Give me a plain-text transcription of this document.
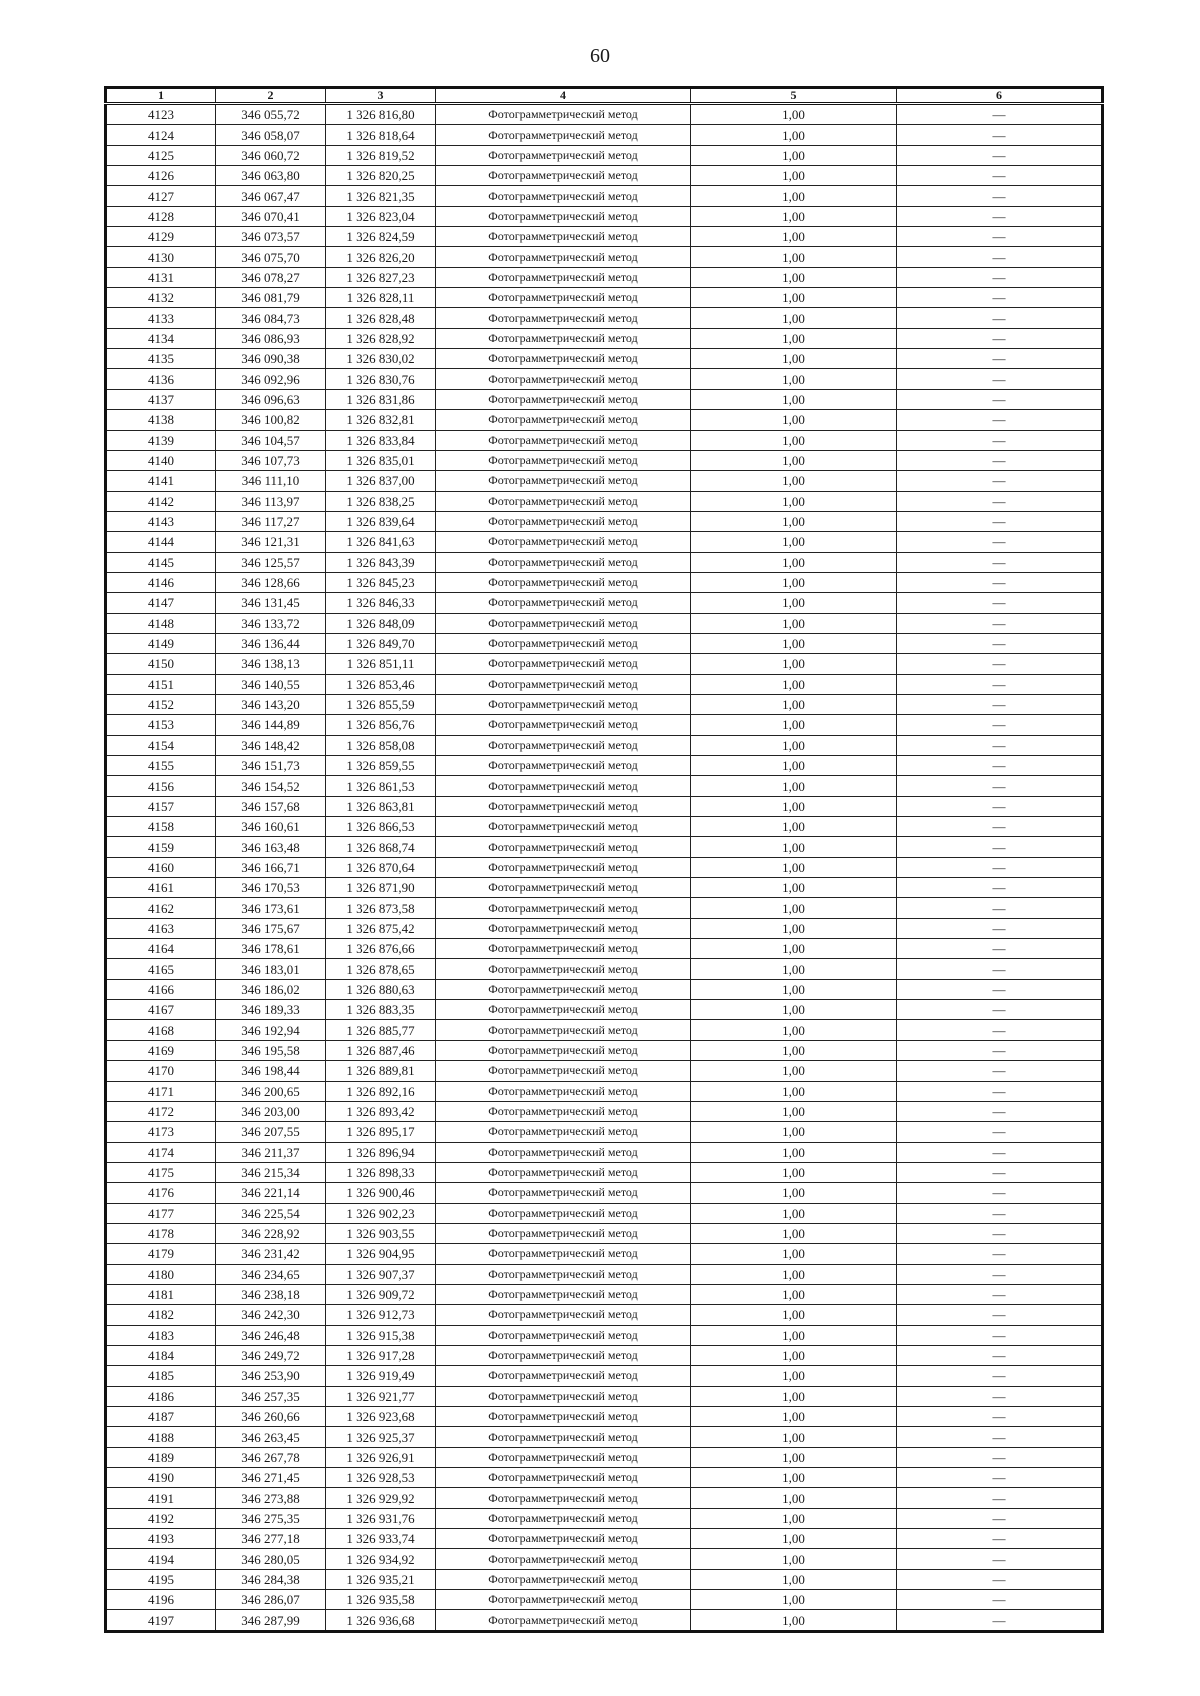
60
1	2	3	4	5	6
4123	346 055,72	1 326 816,80	Фотограмметрический метод	1,00	—
4124	346 058,07	1 326 818,64	Фотограмметрический метод	1,00	—
4125	346 060,72	1 326 819,52	Фотограмметрический метод	1,00	—
4126	346 063,80	1 326 820,25	Фотограмметрический метод	1,00	—
4127	346 067,47	1 326 821,35	Фотограмметрический метод	1,00	—
4128	346 070,41	1 326 823,04	Фотограмметрический метод	1,00	—
4129	346 073,57	1 326 824,59	Фотограмметрический метод	1,00	—
4130	346 075,70	1 326 826,20	Фотограмметрический метод	1,00	—
4131	346 078,27	1 326 827,23	Фотограмметрический метод	1,00	—
4132	346 081,79	1 326 828,11	Фотограмметрический метод	1,00	—
4133	346 084,73	1 326 828,48	Фотограмметрический метод	1,00	—
4134	346 086,93	1 326 828,92	Фотограмметрический метод	1,00	—
4135	346 090,38	1 326 830,02	Фотограмметрический метод	1,00	—
4136	346 092,96	1 326 830,76	Фотограмметрический метод	1,00	—
4137	346 096,63	1 326 831,86	Фотограмметрический метод	1,00	—
4138	346 100,82	1 326 832,81	Фотограмметрический метод	1,00	—
4139	346 104,57	1 326 833,84	Фотограмметрический метод	1,00	—
4140	346 107,73	1 326 835,01	Фотограмметрический метод	1,00	—
4141	346 111,10	1 326 837,00	Фотограмметрический метод	1,00	—
4142	346 113,97	1 326 838,25	Фотограмметрический метод	1,00	—
4143	346 117,27	1 326 839,64	Фотограмметрический метод	1,00	—
4144	346 121,31	1 326 841,63	Фотограмметрический метод	1,00	—
4145	346 125,57	1 326 843,39	Фотограмметрический метод	1,00	—
4146	346 128,66	1 326 845,23	Фотограмметрический метод	1,00	—
4147	346 131,45	1 326 846,33	Фотограмметрический метод	1,00	—
4148	346 133,72	1 326 848,09	Фотограмметрический метод	1,00	—
4149	346 136,44	1 326 849,70	Фотограмметрический метод	1,00	—
4150	346 138,13	1 326 851,11	Фотограмметрический метод	1,00	—
4151	346 140,55	1 326 853,46	Фотограмметрический метод	1,00	—
4152	346 143,20	1 326 855,59	Фотограмметрический метод	1,00	—
4153	346 144,89	1 326 856,76	Фотограмметрический метод	1,00	—
4154	346 148,42	1 326 858,08	Фотограмметрический метод	1,00	—
4155	346 151,73	1 326 859,55	Фотограмметрический метод	1,00	—
4156	346 154,52	1 326 861,53	Фотограмметрический метод	1,00	—
4157	346 157,68	1 326 863,81	Фотограмметрический метод	1,00	—
4158	346 160,61	1 326 866,53	Фотограмметрический метод	1,00	—
4159	346 163,48	1 326 868,74	Фотограмметрический метод	1,00	—
4160	346 166,71	1 326 870,64	Фотограмметрический метод	1,00	—
4161	346 170,53	1 326 871,90	Фотограмметрический метод	1,00	—
4162	346 173,61	1 326 873,58	Фотограмметрический метод	1,00	—
4163	346 175,67	1 326 875,42	Фотограмметрический метод	1,00	—
4164	346 178,61	1 326 876,66	Фотограмметрический метод	1,00	—
4165	346 183,01	1 326 878,65	Фотограмметрический метод	1,00	—
4166	346 186,02	1 326 880,63	Фотограмметрический метод	1,00	—
4167	346 189,33	1 326 883,35	Фотограмметрический метод	1,00	—
4168	346 192,94	1 326 885,77	Фотограмметрический метод	1,00	—
4169	346 195,58	1 326 887,46	Фотограмметрический метод	1,00	—
4170	346 198,44	1 326 889,81	Фотограмметрический метод	1,00	—
4171	346 200,65	1 326 892,16	Фотограмметрический метод	1,00	—
4172	346 203,00	1 326 893,42	Фотограмметрический метод	1,00	—
4173	346 207,55	1 326 895,17	Фотограмметрический метод	1,00	—
4174	346 211,37	1 326 896,94	Фотограмметрический метод	1,00	—
4175	346 215,34	1 326 898,33	Фотограмметрический метод	1,00	—
4176	346 221,14	1 326 900,46	Фотограмметрический метод	1,00	—
4177	346 225,54	1 326 902,23	Фотограмметрический метод	1,00	—
4178	346 228,92	1 326 903,55	Фотограмметрический метод	1,00	—
4179	346 231,42	1 326 904,95	Фотограмметрический метод	1,00	—
4180	346 234,65	1 326 907,37	Фотограмметрический метод	1,00	—
4181	346 238,18	1 326 909,72	Фотограмметрический метод	1,00	—
4182	346 242,30	1 326 912,73	Фотограмметрический метод	1,00	—
4183	346 246,48	1 326 915,38	Фотограмметрический метод	1,00	—
4184	346 249,72	1 326 917,28	Фотограмметрический метод	1,00	—
4185	346 253,90	1 326 919,49	Фотограмметрический метод	1,00	—
4186	346 257,35	1 326 921,77	Фотограмметрический метод	1,00	—
4187	346 260,66	1 326 923,68	Фотограмметрический метод	1,00	—
4188	346 263,45	1 326 925,37	Фотограмметрический метод	1,00	—
4189	346 267,78	1 326 926,91	Фотограмметрический метод	1,00	—
4190	346 271,45	1 326 928,53	Фотограмметрический метод	1,00	—
4191	346 273,88	1 326 929,92	Фотограмметрический метод	1,00	—
4192	346 275,35	1 326 931,76	Фотограмметрический метод	1,00	—
4193	346 277,18	1 326 933,74	Фотограмметрический метод	1,00	—
4194	346 280,05	1 326 934,92	Фотограмметрический метод	1,00	—
4195	346 284,38	1 326 935,21	Фотограмметрический метод	1,00	—
4196	346 286,07	1 326 935,58	Фотограмметрический метод	1,00	—
4197	346 287,99	1 326 936,68	Фотограмметрический метод	1,00	—
